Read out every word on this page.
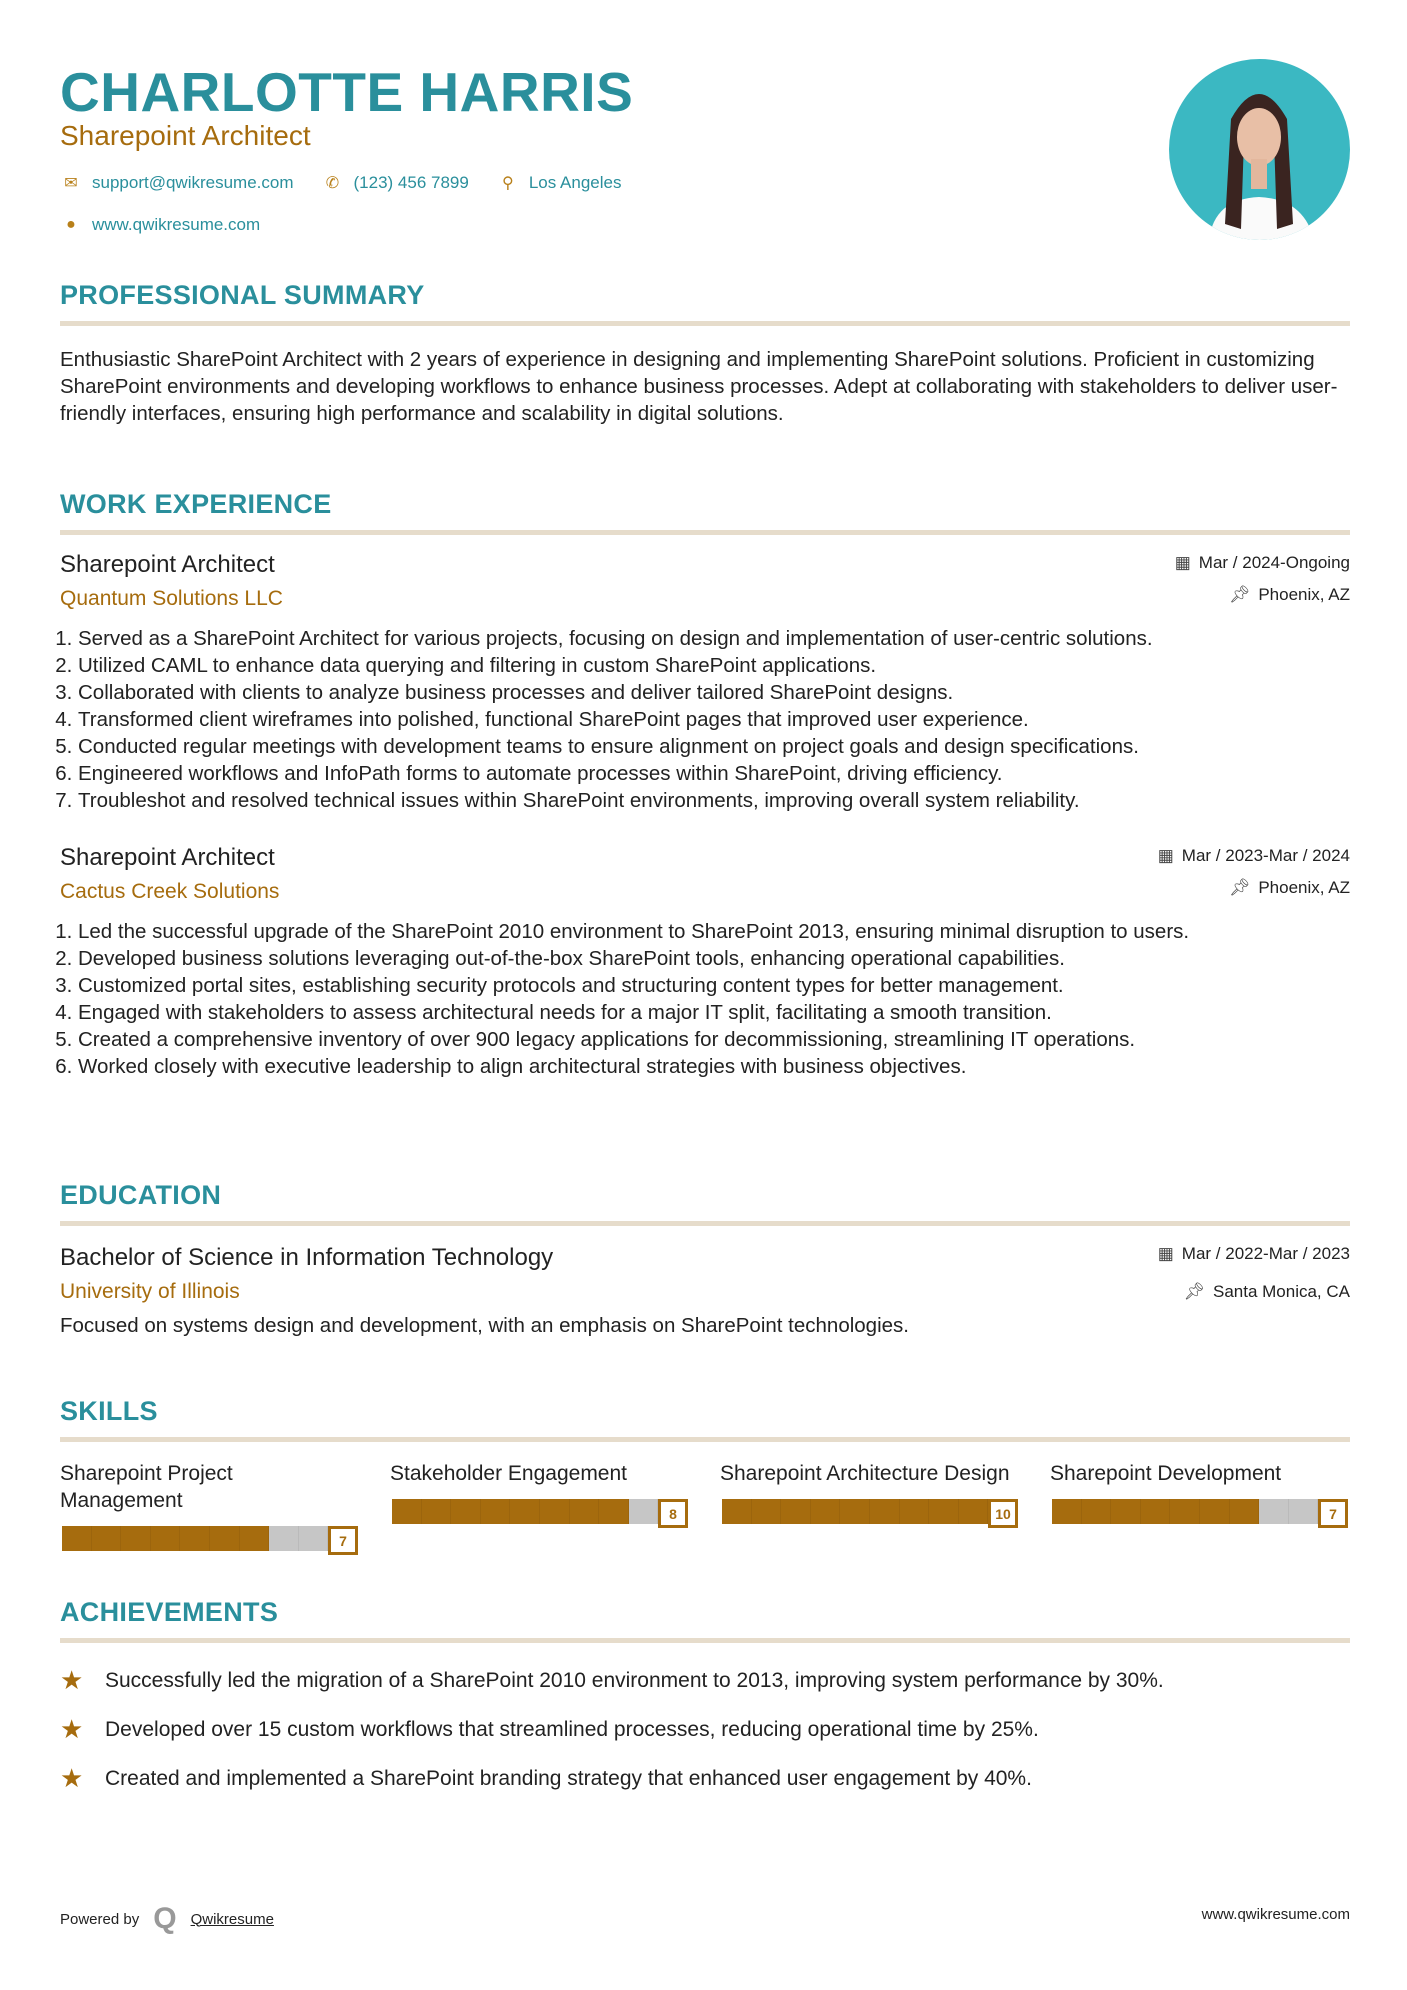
CHARLOTTE HARRIS
Sharepoint Architect
✉ support@qwikresume.com ✆ (123) 456 7899	⚲ Los Angeles
● www.qwikresume.com
PROFESSIONAL SUMMARY

Enthusiastic SharePoint Architect with 2 years of experience in designing and implementing SharePoint solutions. Proficient in customizing SharePoint environments and developing workflows to enhance business processes. Adept at collaborating with stakeholders to deliver user-friendly interfaces, ensuring high performance and scalability in digital solutions.

WORK EXPERIENCE
Sharepoint Architect
Quantum Solutions LLC
▦ Mar / 2024-Ongoing
📌︎ Phoenix, AZ
1. Served as a SharePoint Architect for various projects, focusing on design and implementation of user-centric solutions.
2. Utilized CAML to enhance data querying and filtering in custom SharePoint applications.
3. Collaborated with clients to analyze business processes and deliver tailored SharePoint designs.
4. Transformed client wireframes into polished, functional SharePoint pages that improved user experience.
5. Conducted regular meetings with development teams to ensure alignment on project goals and design specifications.
6. Engineered workflows and InfoPath forms to automate processes within SharePoint, driving efficiency.
7. Troubleshot and resolved technical issues within SharePoint environments, improving overall system reliability.
Sharepoint Architect
Cactus Creek Solutions
▦ Mar / 2023-Mar / 2024
📌︎ Phoenix, AZ
1. Led the successful upgrade of the SharePoint 2010 environment to SharePoint 2013, ensuring minimal disruption to users.
2. Developed business solutions leveraging out-of-the-box SharePoint tools, enhancing operational capabilities.
3. Customized portal sites, establishing security protocols and structuring content types for better management.
4. Engaged with stakeholders to assess architectural needs for a major IT split, facilitating a smooth transition.
5. Created a comprehensive inventory of over 900 legacy applications for decommissioning, streamlining IT operations.
6. Worked closely with executive leadership to align architectural strategies with business objectives.
EDUCATION
Bachelor of Science in Information Technology
University of Illinois
▦ Mar / 2022-Mar / 2023
📌︎ Santa Monica, CA

Focused on systems design and development, with an emphasis on SharePoint technologies.

SKILLS
Sharepoint Project Management
7
Stakeholder Engagement
8
Sharepoint Architecture Design
10
Sharepoint Development
7
ACHIEVEMENTS
★	Successfully led the migration of a SharePoint 2010 environment to 2013, improving system performance by 30%.
★	Developed over 15 custom workflows that streamlined processes, reducing operational time by 25%.
★	Created and implemented a SharePoint branding strategy that enhanced user engagement by 40%.
Powered by Q Qwikresume	www.qwikresume.com
